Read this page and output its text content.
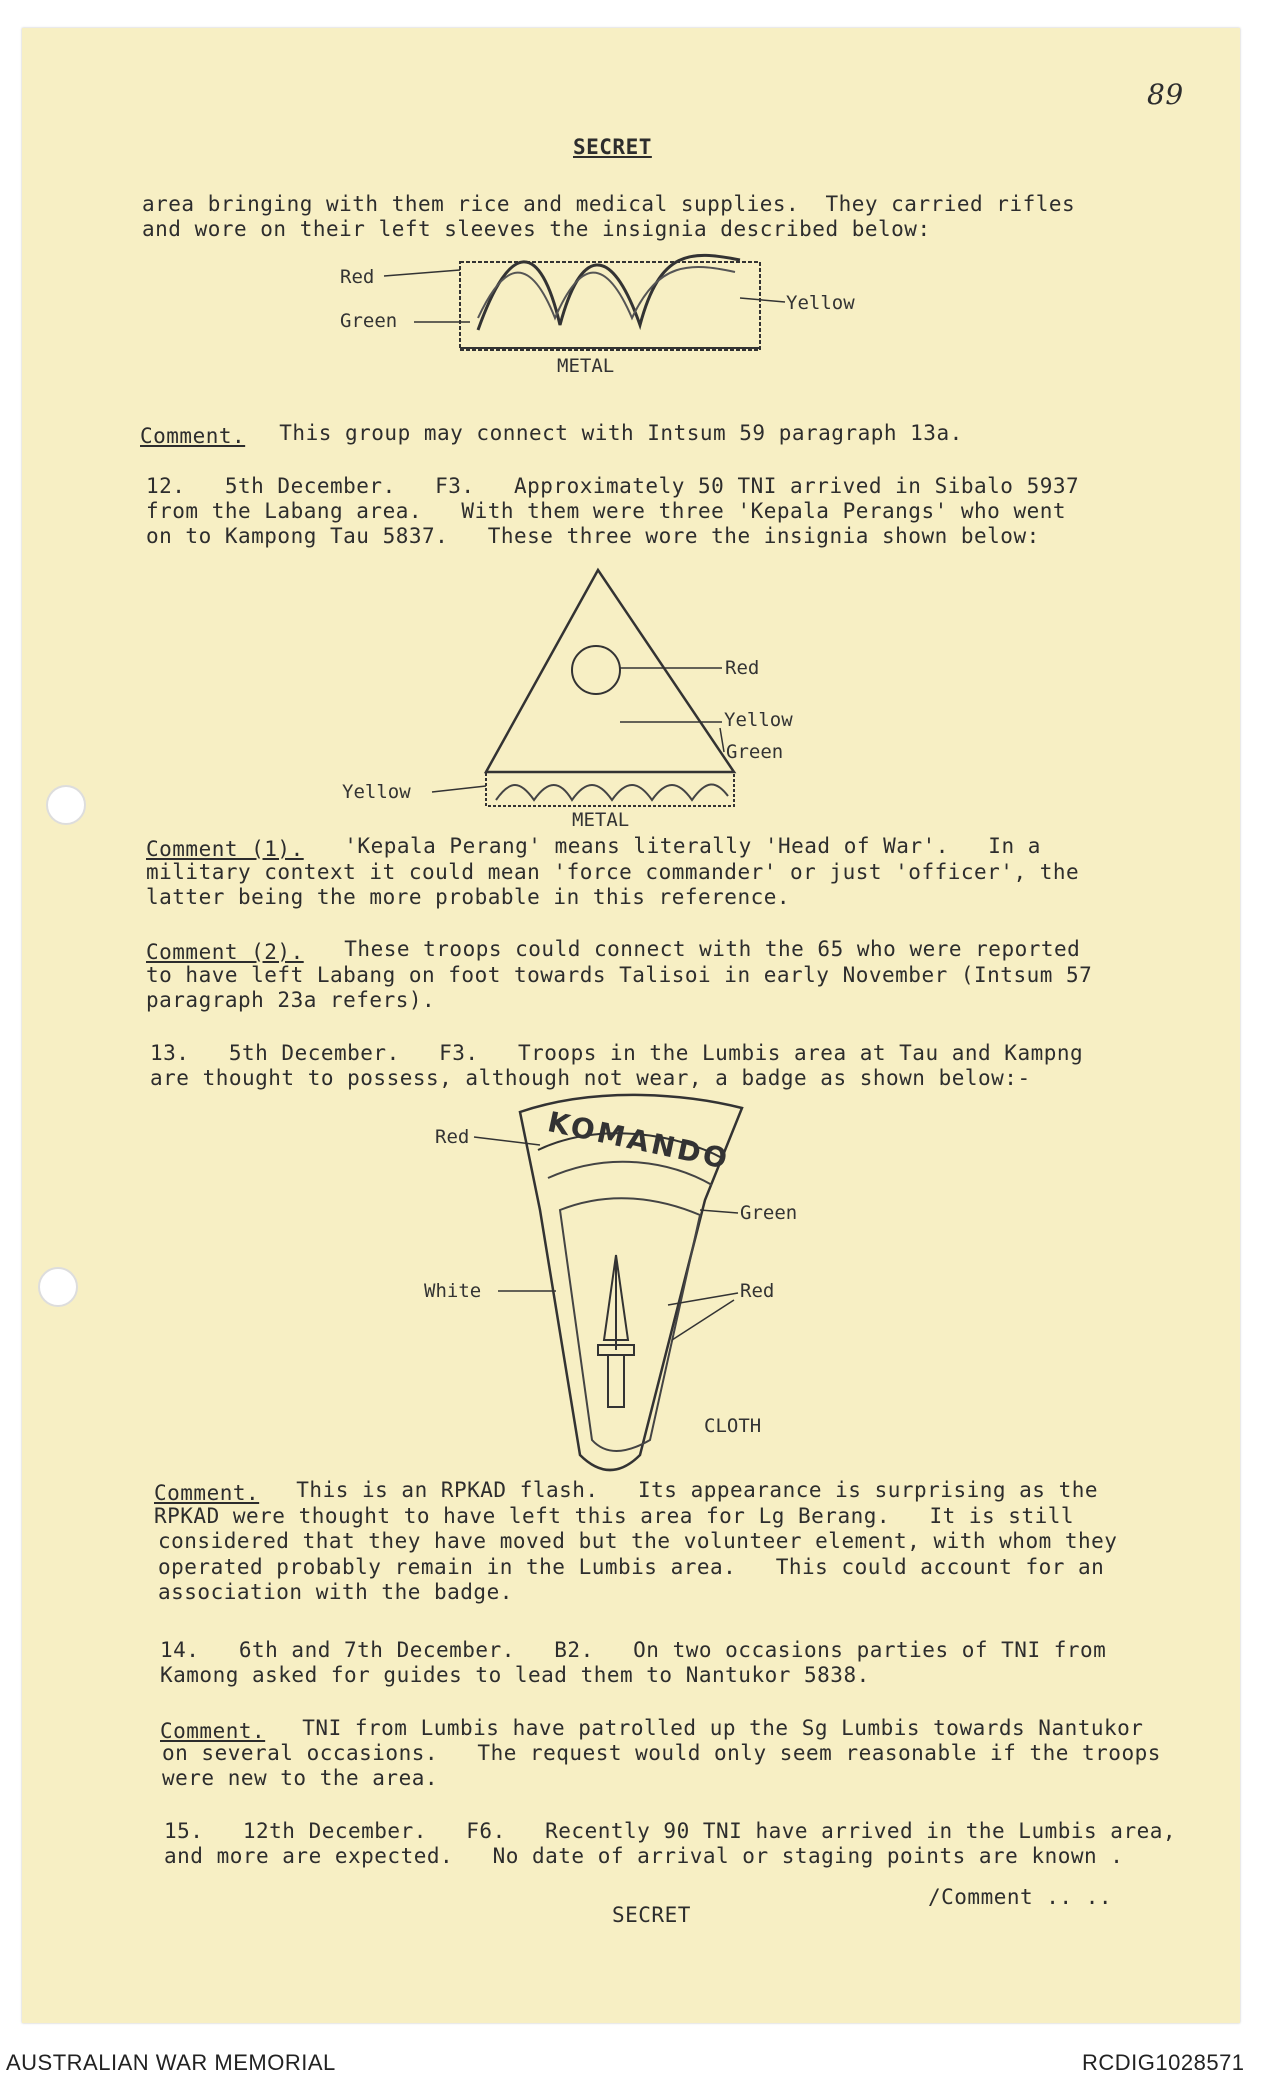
89
SECRET
area bringing with them rice and medical supplies.  They carried rifles
and wore on their left sleeves the insignia described below:
Red
Green
Yellow
METAL
Comment. This group may connect with Intsum 59 paragraph 13a.
12.   5th December.   F3.   Approximately 50 TNI arrived in Sibalo 5937
from the Labang area.   With them were three 'Kepala Perangs' who went
on to Kampong Tau 5837.   These three wore the insignia shown below:
Red
Yellow
Green
Yellow
METAL
Comment (1). 'Kepala Perang' means literally 'Head of War'.   In a
military context it could mean 'force commander' or just 'officer', the
latter being the more probable in this reference.
Comment (2). These troops could connect with the 65 who were reported
to have left Labang on foot towards Talisoi in early November (Intsum 57
paragraph 23a refers).
13.   5th December.   F3.   Troops in the Lumbis area at Tau and Kampng
are thought to possess, although not wear, a badge as shown below:-
KOMANDO
Red
Green
White	Red
CLOTH
Comment. This is an RPKAD flash.   Its appearance is surprising as the
RPKAD were thought to have left this area for Lg Berang.   It is still
considered that they have moved but the volunteer element, with whom they
operated probably remain in the Lumbis area.   This could account for an
association with the badge.
14.   6th and 7th December.   B2.   On two occasions parties of TNI from
Kamong asked for guides to lead them to Nantukor 5838.
Comment. TNI from Lumbis have patrolled up the Sg Lumbis towards Nantukor
on several occasions.   The request would only seem reasonable if the troops
were new to the area.
15.   12th December.   F6.   Recently 90 TNI have arrived in the Lumbis area,
and more are expected.   No date of arrival or staging points are known .
/Comment .. ..
SECRET
AUSTRALIAN WAR MEMORIAL	RCDIG1028571
